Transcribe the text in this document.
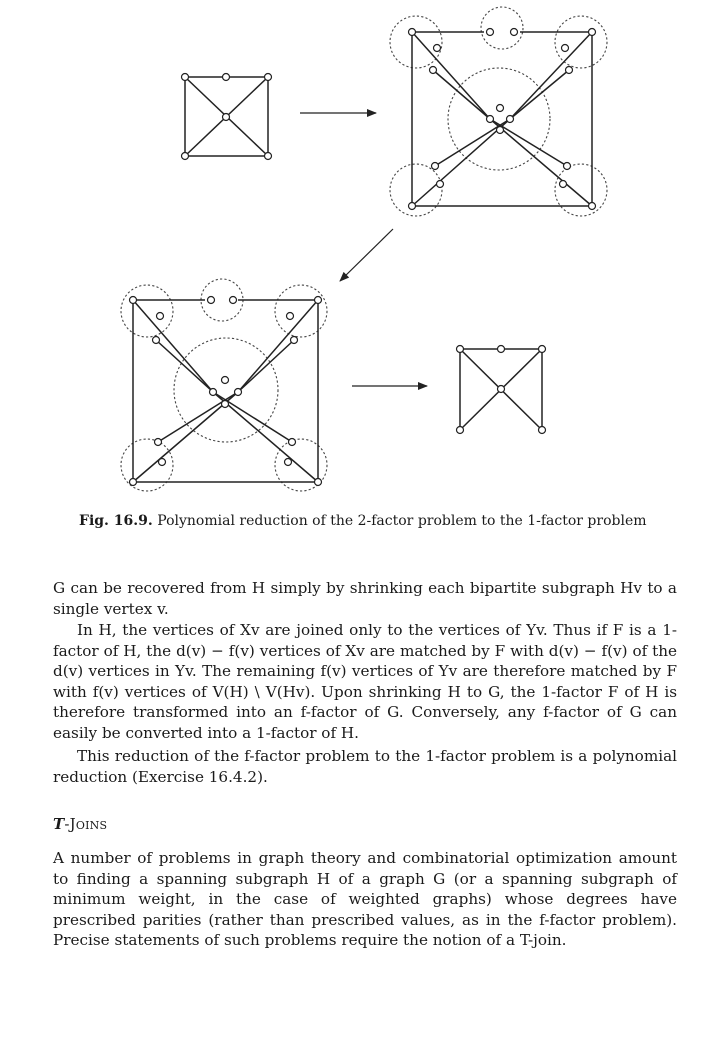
Fig. 16.9. Polynomial reduction of the 2-factor problem to the 1-factor problem

G can be recovered from H simply by shrinking each bipartite subgraph Hv to a single vertex v.

In H, the vertices of Xv are joined only to the vertices of Yv. Thus if F is a 1-factor of H, the d(v) − f(v) vertices of Xv are matched by F with d(v) − f(v) of the d(v) vertices in Yv. The remaining f(v) vertices of Yv are therefore matched by F with f(v) vertices of V(H) \ V(Hv). Upon shrinking H to G, the 1-factor F of H is therefore transformed into an f-factor of G. Conversely, any f-factor of G can easily be converted into a 1-factor of H.

This reduction of the f-factor problem to the 1-factor problem is a polynomial reduction (Exercise 16.4.2).

T-Joins

A number of problems in graph theory and combinatorial optimization amount to finding a spanning subgraph H of a graph G (or a spanning subgraph of minimum weight, in the case of weighted graphs) whose degrees have prescribed parities (rather than prescribed values, as in the f-factor problem). Precise statements of such problems require the notion of a T-join.
